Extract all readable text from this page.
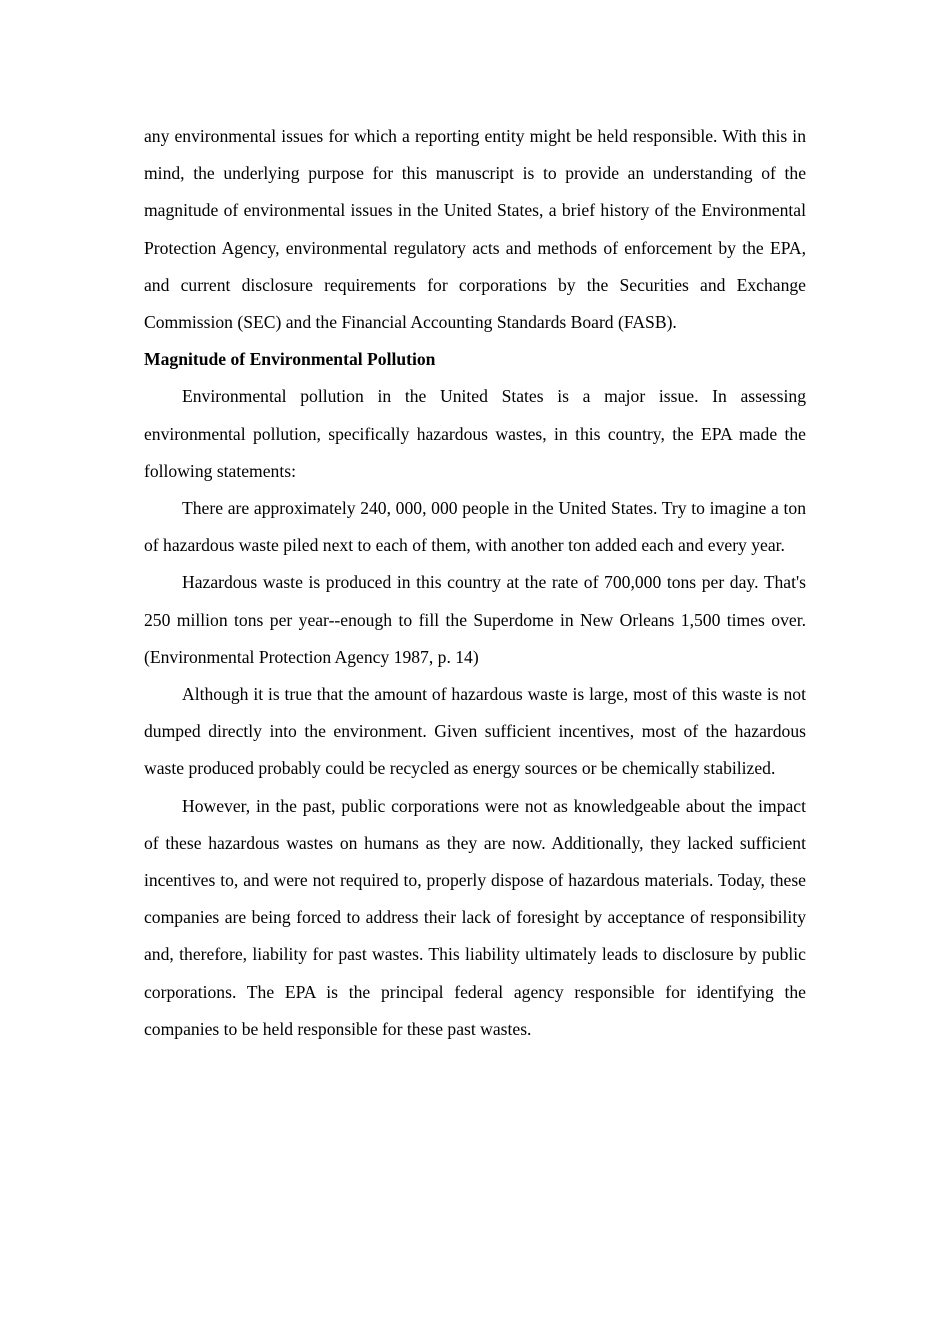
any environmental issues for which a reporting entity might be held responsible. With this in mind, the underlying purpose for this manuscript is to provide an understanding of the magnitude of environmental issues in the United States, a brief history of the Environmental Protection Agency, environmental regulatory acts and methods of enforcement by the EPA, and current disclosure requirements for corporations by the Securities and Exchange Commission (SEC) and the Financial Accounting Standards Board (FASB).

Magnitude of Environmental Pollution

Environmental pollution in the United States is a major issue. In assessing environmental pollution, specifically hazardous wastes, in this country, the EPA made the following statements:

There are approximately 240, 000, 000 people in the United States. Try to imagine a ton of hazardous waste piled next to each of them, with another ton added each and every year.

Hazardous waste is produced in this country at the rate of 700,000 tons per day. That's 250 million tons per year--enough to fill the Superdome in New Orleans 1,500 times over. (Environmental Protection Agency 1987, p. 14)

Although it is true that the amount of hazardous waste is large, most of this waste is not dumped directly into the environment. Given sufficient incentives, most of the hazardous waste produced probably could be recycled as energy sources or be chemically stabilized.

However, in the past, public corporations were not as knowledgeable about the impact of these hazardous wastes on humans as they are now. Additionally, they lacked sufficient incentives to, and were not required to, properly dispose of hazardous materials. Today, these companies are being forced to address their lack of foresight by acceptance of responsibility and, therefore, liability for past wastes. This liability ultimately leads to disclosure by public corporations. The EPA is the principal federal agency responsible for identifying the companies to be held responsible for these past wastes.
